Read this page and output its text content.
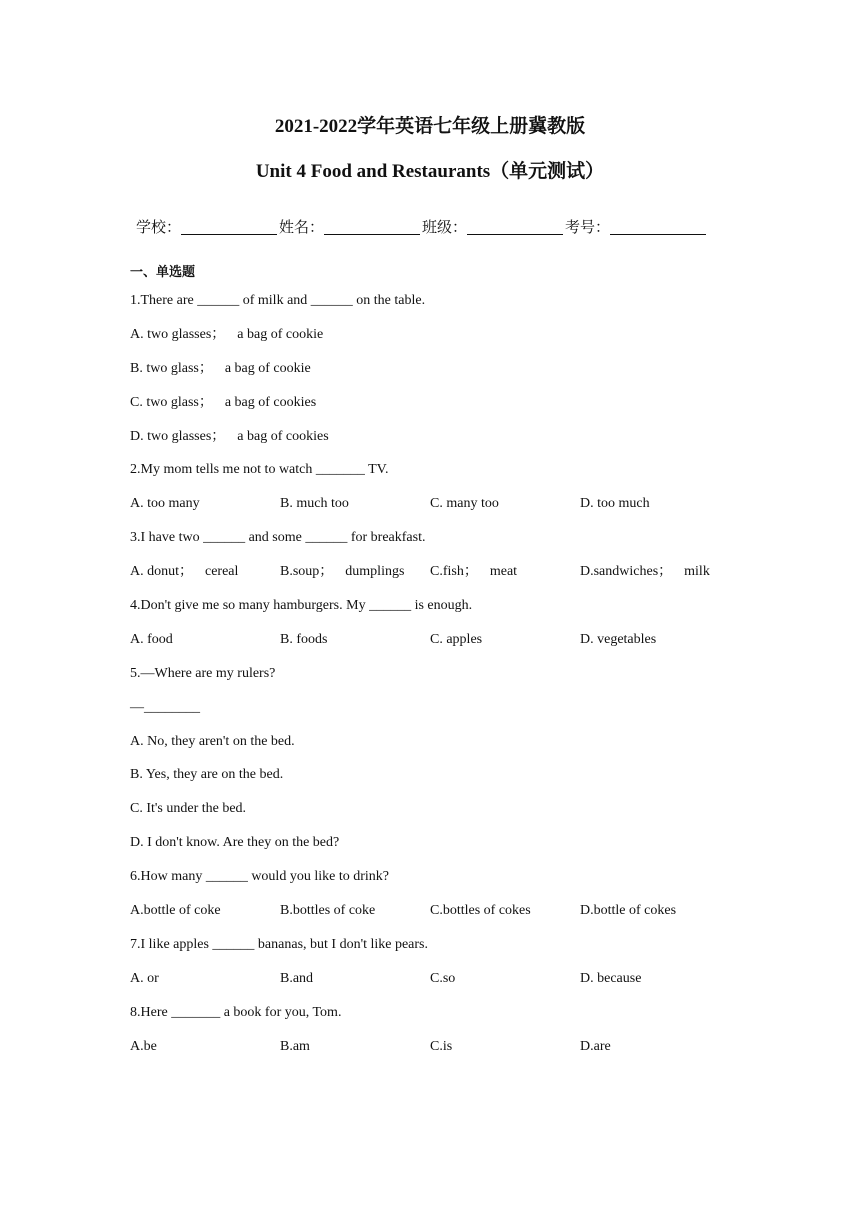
2021-2022学年英语七年级上册冀教版
Unit 4 Food and Restaurants（单元测试）
学校：	姓名：	班级：	考号：
一、单选题
1.There are ______ of milk and ______ on the table.
A. two glasses； a bag of cookie
B. two glass； a bag of cookie
C. two glass； a bag of cookies
D. two glasses； a bag of cookies
2.My mom tells me not to watch _______ TV.
A. too many	B. much too	C. many too	D. too much
3.I have two ______ and some ______ for breakfast.
A. donut； cereal	B.soup； dumplings C.fish； meat	D.sandwiches； milk
4.Don't give me so many hamburgers. My ______ is enough.
A. food	B. foods	C. apples	D. vegetables
5.—Where are my rulers?
—________
A. No, they aren't on the bed.
B. Yes, they are on the bed.
C. It's under the bed.
D. I don't know. Are they on the bed?
6.How many ______ would you like to drink?
A.bottle of coke	B.bottles of coke	C.bottles of cokes	D.bottle of cokes
7.I like apples ______ bananas, but I don't like pears.
A. or	B.and	C.so	D. because
8.Here _______ a book for you, Tom.
A.be	B.am	C.is	D.are
